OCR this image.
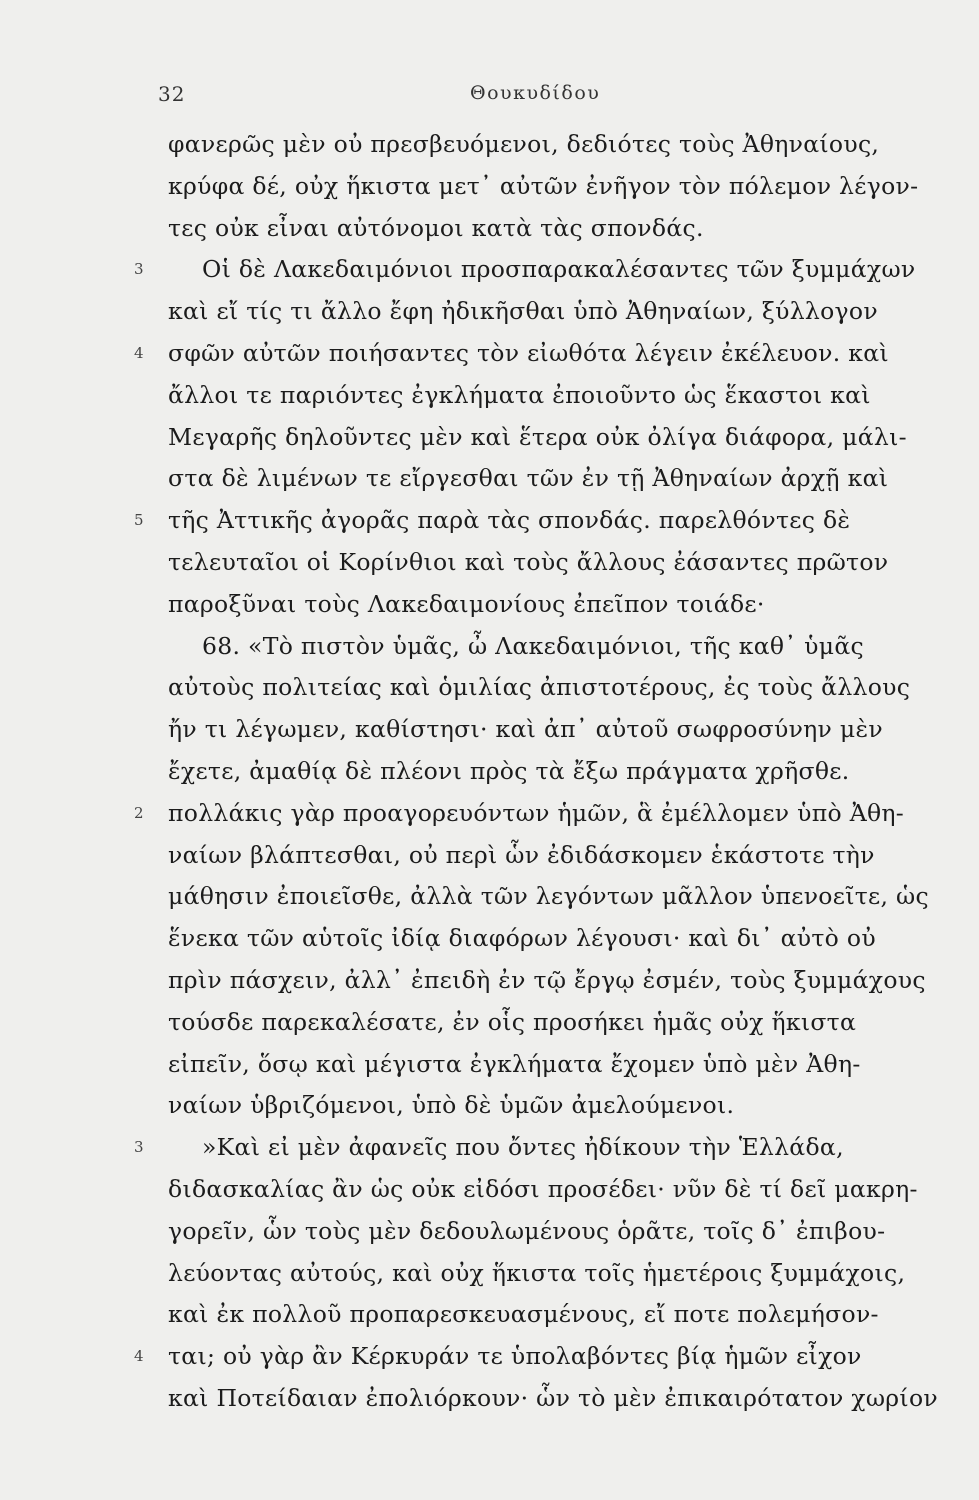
32	Θουκυδίδου
φανερῶς μὲν οὐ πρεσβευόμενοι, δεδιότες τοὺς Ἀθηναίους,
κρύφα δέ, οὐχ ἥκιστα μετ᾽ αὐτῶν ἐνῆγον τὸν πόλεμον λέγον-
τες οὐκ εἶναι αὐτόνομοι κατὰ τὰς σπονδάς.
3 Οἱ δὲ Λακεδαιμόνιοι προσπαρακαλέσαντες τῶν ξυμμάχων
καὶ εἴ τίς τι ἄλλο ἔφη ἠδικῆσθαι ὑπὸ Ἀθηναίων, ξύλλογον
4 σφῶν αὐτῶν ποιήσαντες τὸν εἰωθότα λέγειν ἐκέλευον. καὶ
ἄλλοι τε παριόντες ἐγκλήματα ἐποιοῦντο ὡς ἕκαστοι καὶ
Μεγαρῆς δηλοῦντες μὲν καὶ ἕτερα οὐκ ὀλίγα διάφορα, μάλι-
στα δὲ λιμένων τε εἴργεσθαι τῶν ἐν τῇ Ἀθηναίων ἀρχῇ καὶ
5 τῆς Ἀττικῆς ἀγορᾶς παρὰ τὰς σπονδάς. παρελθόντες δὲ
τελευταῖοι οἱ Κορίνθιοι καὶ τοὺς ἄλλους ἐάσαντες πρῶτον
παροξῦναι τοὺς Λακεδαιμονίους ἐπεῖπον τοιάδε·
68. «Τὸ πιστὸν ὑμᾶς, ὦ Λακεδαιμόνιοι, τῆς καθ᾽ ὑμᾶς
αὐτοὺς πολιτείας καὶ ὁμιλίας ἀπιστοτέρους, ἐς τοὺς ἄλλους
ἤν τι λέγωμεν, καθίστησι· καὶ ἀπ᾽ αὐτοῦ σωφροσύνην μὲν
ἔχετε, ἀμαθίᾳ δὲ πλέονι πρὸς τὰ ἔξω πράγματα χρῆσθε.
2 πολλάκις γὰρ προαγορευόντων ἡμῶν, ἃ ἐμέλλομεν ὑπὸ Ἀθη-
ναίων βλάπτεσθαι, οὐ περὶ ὧν ἐδιδάσκομεν ἑκάστοτε τὴν
μάθησιν ἐποιεῖσθε, ἀλλὰ τῶν λεγόντων μᾶλλον ὑπενοεῖτε, ὡς
ἕνεκα τῶν αὑτοῖς ἰδίᾳ διαφόρων λέγουσι· καὶ δι᾽ αὐτὸ οὐ
πρὶν πάσχειν, ἀλλ᾽ ἐπειδὴ ἐν τῷ ἔργῳ ἐσμέν, τοὺς ξυμμάχους
τούσδε παρεκαλέσατε, ἐν οἷς προσήκει ἡμᾶς οὐχ ἥκιστα
εἰπεῖν, ὅσῳ καὶ μέγιστα ἐγκλήματα ἔχομεν ὑπὸ μὲν Ἀθη-
ναίων ὑβριζόμενοι, ὑπὸ δὲ ὑμῶν ἀμελούμενοι.
3 »Καὶ εἰ μὲν ἀφανεῖς που ὄντες ἠδίκουν τὴν Ἑλλάδα,
διδασκαλίας ἂν ὡς οὐκ εἰδόσι προσέδει· νῦν δὲ τί δεῖ μακρη-
γορεῖν, ὧν τοὺς μὲν δεδουλωμένους ὁρᾶτε, τοῖς δ᾽ ἐπιβου-
λεύοντας αὐτούς, καὶ οὐχ ἥκιστα τοῖς ἡμετέροις ξυμμάχοις,
καὶ ἐκ πολλοῦ προπαρεσκευασμένους, εἴ ποτε πολεμήσον-
4 ται; οὐ γὰρ ἂν Κέρκυράν τε ὑπολαβόντες βίᾳ ἡμῶν εἶχον
καὶ Ποτείδαιαν ἐπολιόρκουν· ὧν τὸ μὲν ἐπικαιρότατον χωρίον
